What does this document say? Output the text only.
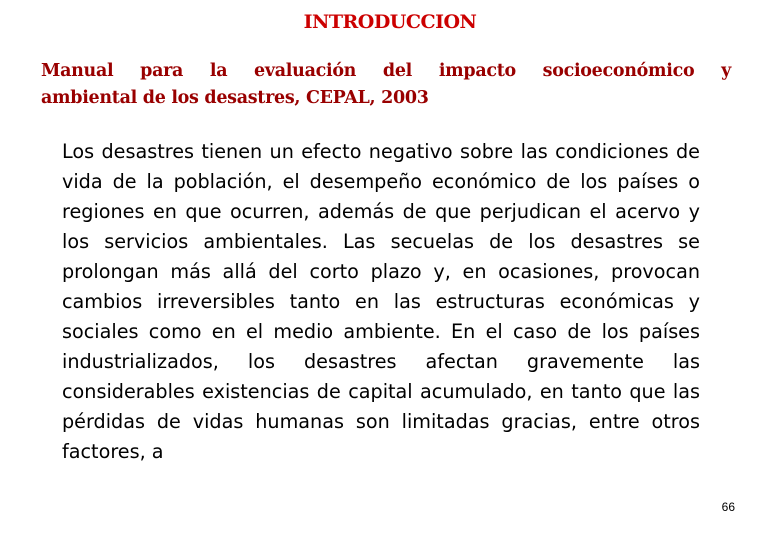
INTRODUCCION
Manual para la evaluación del impacto socioeconómico y
ambiental de los desastres, CEPAL, 2003
Los desastres tienen un efecto negativo sobre las condiciones de vida de la población, el desempeño económico de los países o regiones en que ocurren, además de que perjudican el acervo y los servicios ambientales. Las secuelas de los desastres se prolongan más allá del corto plazo y, en ocasiones, provocan cambios irreversibles tanto en las estructuras económicas y sociales como en el medio ambiente. En el caso de los países industrializados, los desastres afectan gravemente las considerables existencias de capital acumulado, en tanto que las pérdidas de vidas humanas son limitadas gracias, entre otros factores, a
66
